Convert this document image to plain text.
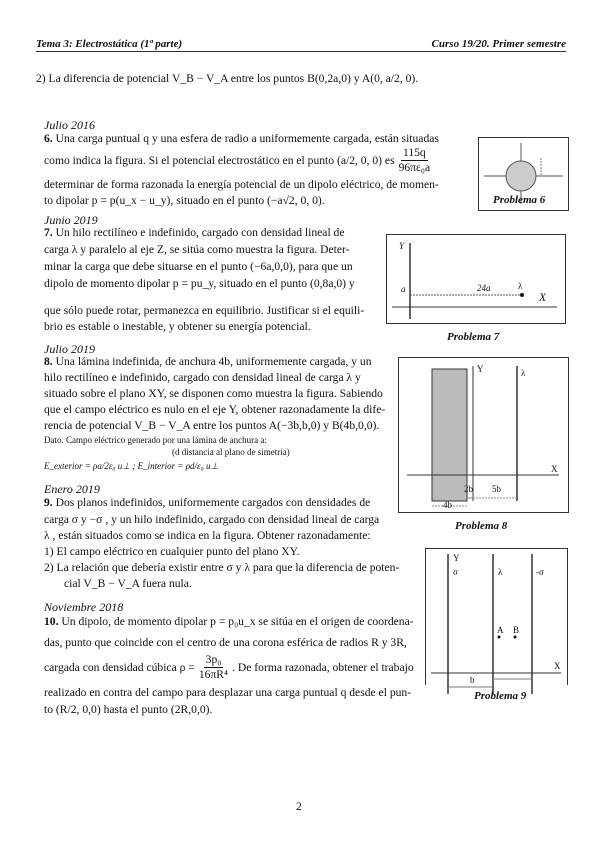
Tema 3: Electrostática (1ª parte)	Curso 19/20. Primer semestre
2) La diferencia de potencial V_B − V_A entre los puntos B(0,2a,0) y A(0, a/2, 0).
Julio 2016
6. Una carga puntual q y una esfera de radio a uniformemente cargada, están situadas
como indica la figura. Si el potencial electrostático en el punto (a/2, 0, 0) es $\frac{115q}{\text{96πε₀a}}$
determinar de forma razonada la energía potencial de un dipolo eléctrico, de momen-
to dipolar p = p(u_x − u_y), situado en el punto (−a√2, 0, 0).	Problema 6
Junio 2019
7. Un hilo rectilíneo e indefinido, cargado con densidad lineal de
carga λ y paralelo al eje Z, se sitúa como muestra la figura. Deter-
minar la carga que debe situarse en el punto (−6a,0,0), para que un
dipolo de momento dipolar p = pu_y, situado en el punto (0,8a,0) y
que sólo puede rotar, permanezca en equilibrio. Justificar si el equili-
brio es estable o inestable, y obtener su energía potencial.
Y
X
24a
a	λ
Problema 7
Julio 2019
8. Una lámina indefinida, de anchura 4b, uniformemente cargada, y un
hilo rectilíneo e indefinido, cargado con densidad lineal de carga λ y
situado sobre el plano XY, se disponen como muestra la figura. Sabiendo
que el campo eléctrico es nulo en el eje Y, obtener razonadamente la dife-
rencia de potencial V_B − V_A entre los puntos A(−3b,b,0) y B(4b,0,0).
Dato. Campo eléctrico generado por una lámina de anchura a:
(d distancia al plano de simetría)
E_exterior = ρa/2ε₀ u⊥ ; E_interior = ρd/ε₀ u⊥
Y	λ
X
4b
2b 5b
Problema 8
Enero 2019
9. Dos planos indefinidos, uniformemente cargados con densidades de
carga σ y −σ , y un hilo indefinido, cargado con densidad lineal de carga
λ , están situados como se indica en la figura. Obtener razonadamente:
1) El campo eléctrico en cualquier punto del plano XY.
2) La relación que debería existir entre σ y λ para que la diferencia de poten-
cial V_B − V_A fuera nula.
Y
σ	λ	-σ
A B
X
b
Problema 9
Noviembre 2018
10. Un dipolo, de momento dipolar p = p₀u_x se sitúa en el origen de coordena-
das, punto que coincide con el centro de una corona esférica de radios R y 3R,
cargada con densidad cúbica $\rho = \frac{\text{3p₀}}{\text{16πR⁴}}$ . De forma razonada, obtener el trabajo
realizado en contra del campo para desplazar una carga puntual q desde el pun-
to (R/2, 0,0) hasta el punto (2R,0,0).
2
